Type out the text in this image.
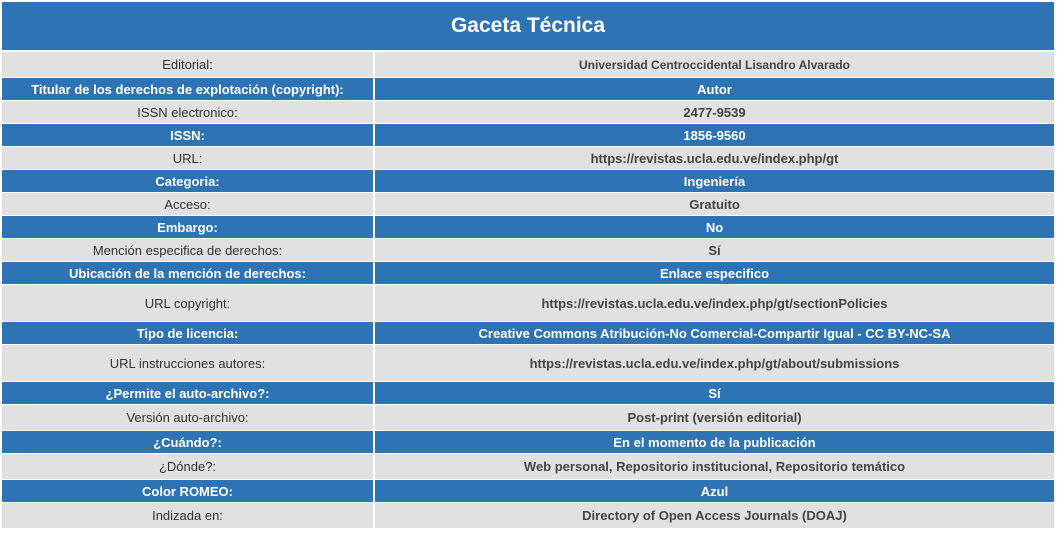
Gaceta Técnica	
Editorial:	Universidad Centroccidental Lisandro Alvarado
Titular de los derechos de explotación (copyright):	Autor
ISSN electronico:	2477-9539
ISSN:	1856-9560
URL:	https://revistas.ucla.edu.ve/index.php/gt
Categoria:	Ingeniería
Acceso:	Gratuito
Embargo:	No
Mención especifica de derechos:	Sí
Ubicación de la mención de derechos:	Enlace especifico
URL copyright:	https://revistas.ucla.edu.ve/index.php/gt/sectionPolicies
Tipo de licencia:	Creative Commons Atribución-No Comercial-Compartir Igual - CC BY-NC-SA
URL instrucciones autores:	https://revistas.ucla.edu.ve/index.php/gt/about/submissions
¿Permite el auto-archivo?:	Sí
Versión auto-archivo:	Post-print (versión editorial)
¿Cuándo?:	En el momento de la publicación
¿Dónde?:	Web personal, Repositorio institucional, Repositorio temático
Color ROMEO:	Azul
Indizada en:	Directory of Open Access Journals (DOAJ)
